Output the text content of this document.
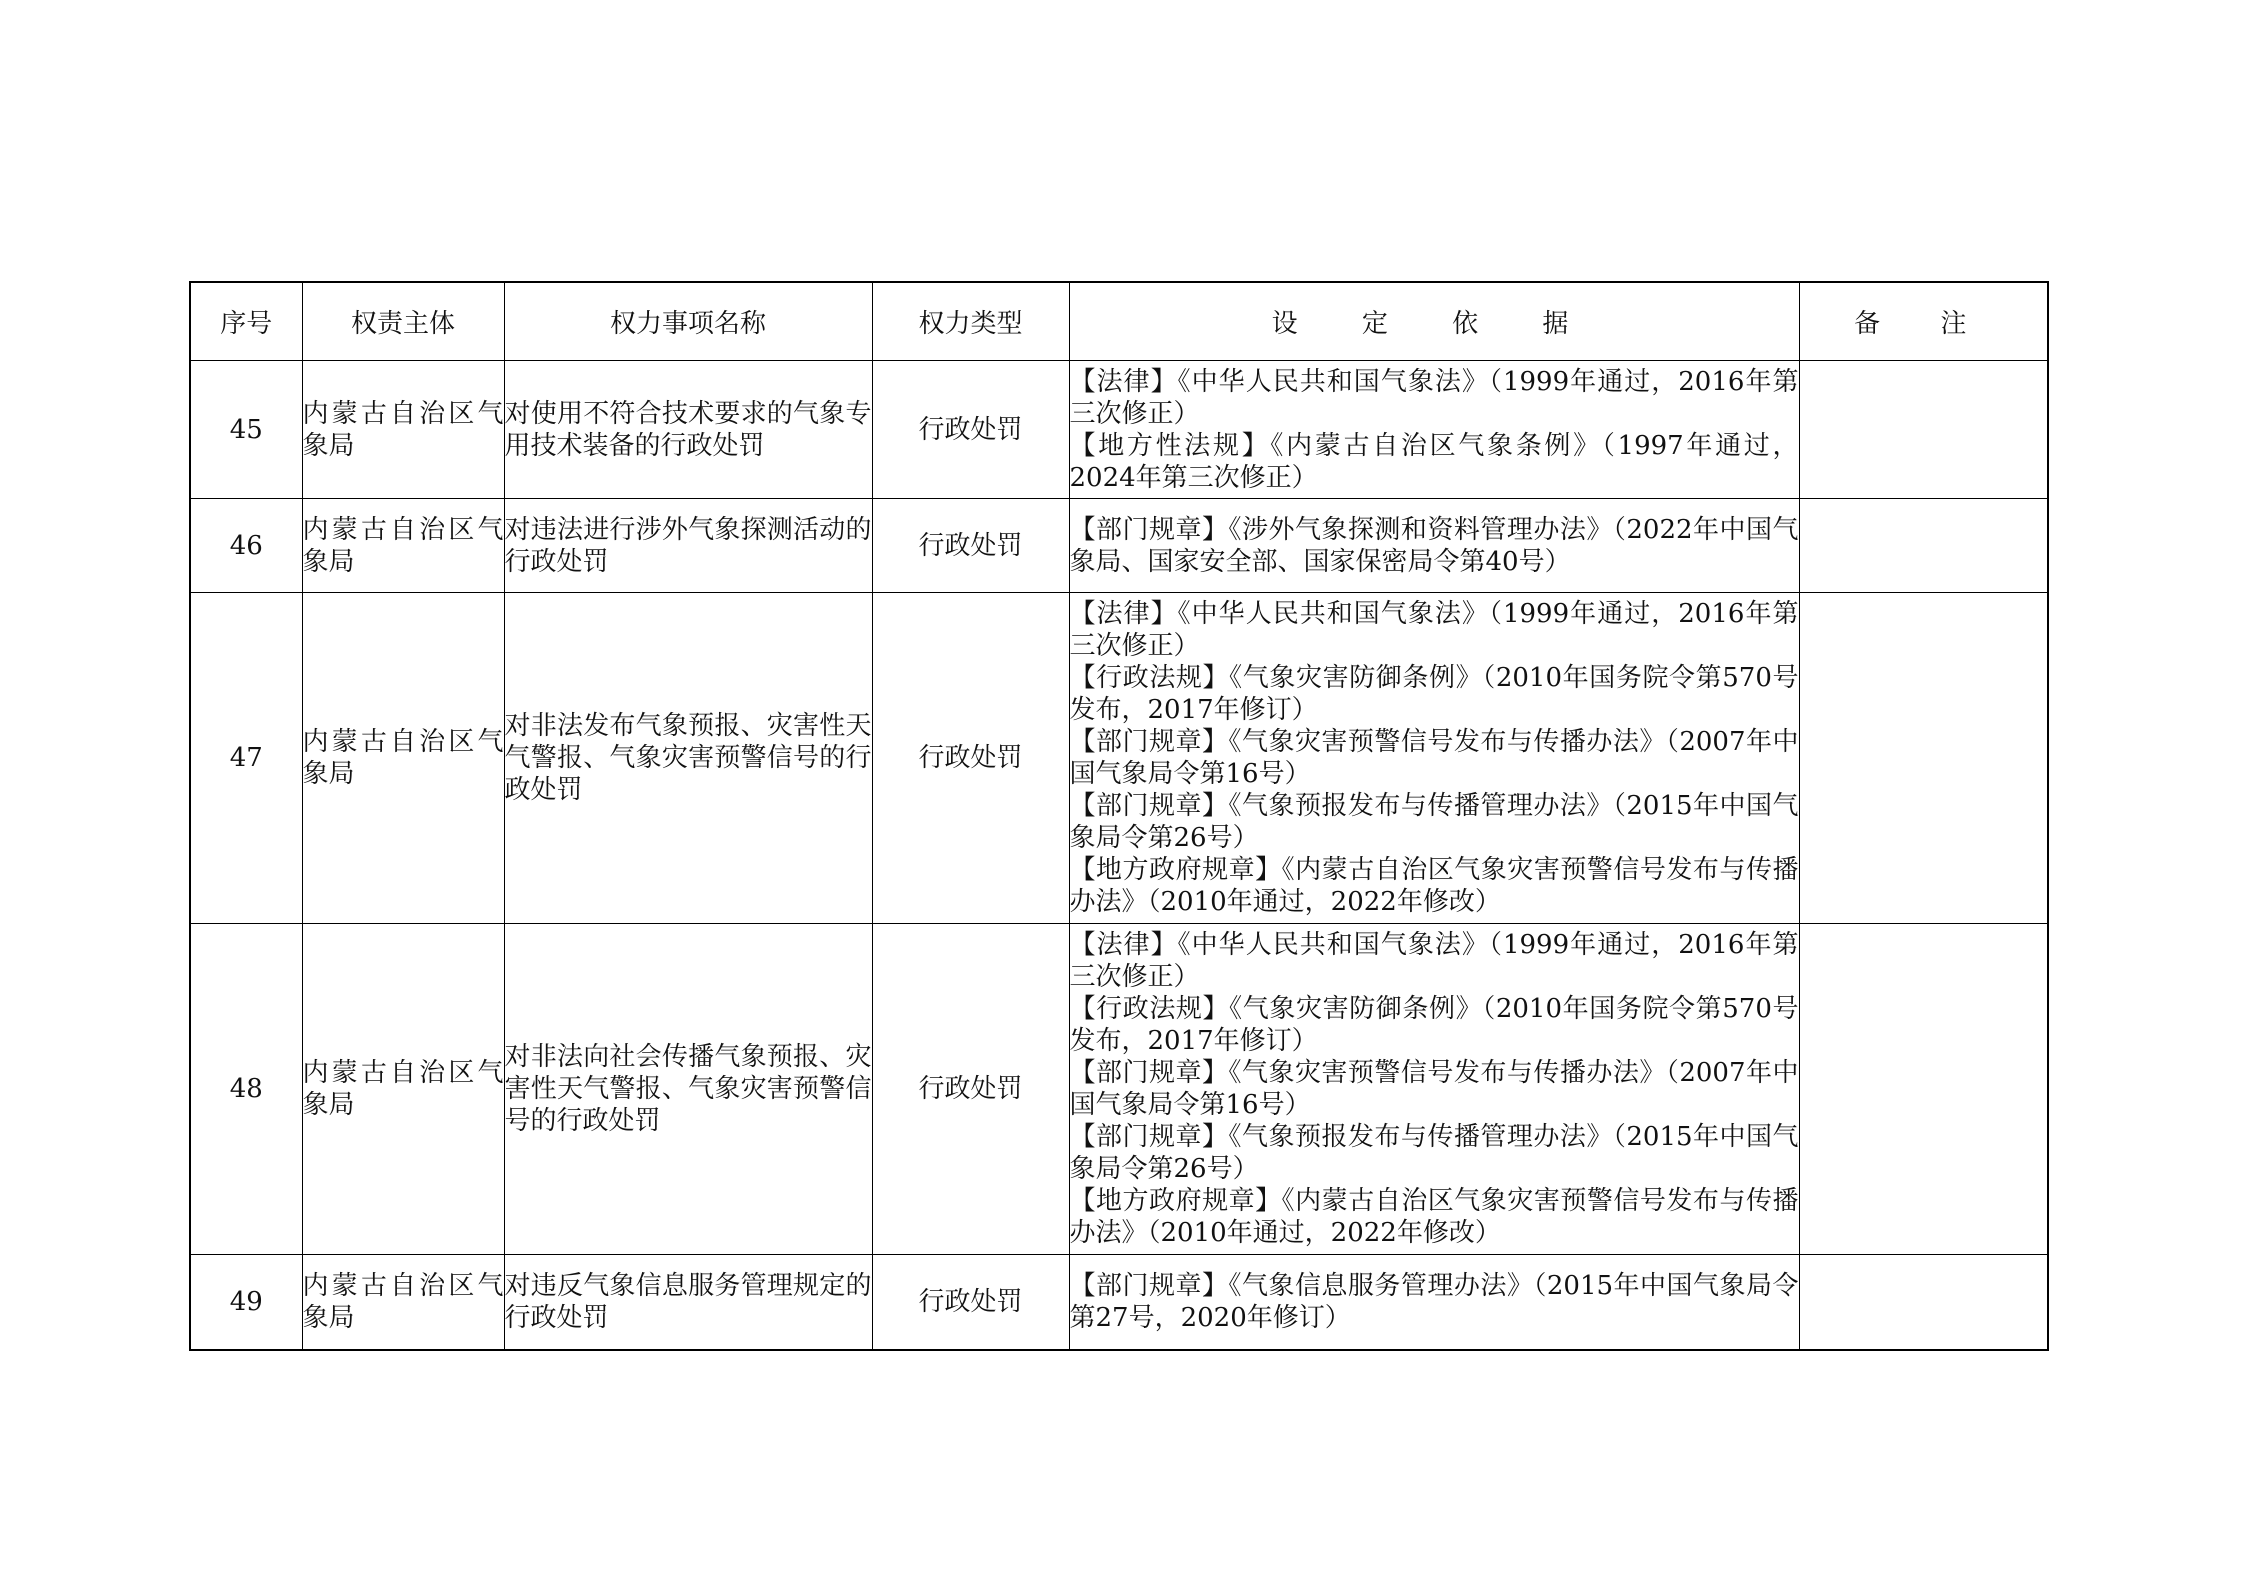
序号	权责主体	权力事项名称	权力类型	设 定 依 据	备 注
45	内蒙古自治区气象局	对使用不符合技术要求的气象专用技术装备的行政处罚	行政处罚	【法律】《中华人民共和国气象法》（1999年通过，2016年第三次修正）
【地方性法规】《内蒙古自治区气象条例》（1997年通过，2024年第三次修正）	

46	内蒙古自治区气象局	对违法进行涉外气象探测活动的行政处罚	行政处罚	【部门规章】《涉外气象探测和资料管理办法》（2022年中国气象局、国家安全部、国家保密局令第40号）	

47	内蒙古自治区气象局	对非法发布气象预报、灾害性天气警报、气象灾害预警信号的行政处罚	行政处罚	【法律】《中华人民共和国气象法》（1999年通过，2016年第三次修正）
【行政法规】《气象灾害防御条例》（2010年国务院令第570号发布，2017年修订）
【部门规章】《气象灾害预警信号发布与传播办法》（2007年中国气象局令第16号）
【部门规章】《气象预报发布与传播管理办法》（2015年中国气象局令第26号）
【地方政府规章】《内蒙古自治区气象灾害预警信号发布与传播办法》（2010年通过，2022年修改）	

48	内蒙古自治区气象局	对非法向社会传播气象预报、灾害性天气警报、气象灾害预警信号的行政处罚	行政处罚	【法律】《中华人民共和国气象法》（1999年通过，2016年第三次修正）
【行政法规】《气象灾害防御条例》（2010年国务院令第570号发布，2017年修订）
【部门规章】《气象灾害预警信号发布与传播办法》（2007年中国气象局令第16号）
【部门规章】《气象预报发布与传播管理办法》（2015年中国气象局令第26号）
【地方政府规章】《内蒙古自治区气象灾害预警信号发布与传播办法》（2010年通过，2022年修改）	

49	内蒙古自治区气象局	对违反气象信息服务管理规定的行政处罚	行政处罚	【部门规章】《气象信息服务管理办法》（2015年中国气象局令第27号，2020年修订）	
